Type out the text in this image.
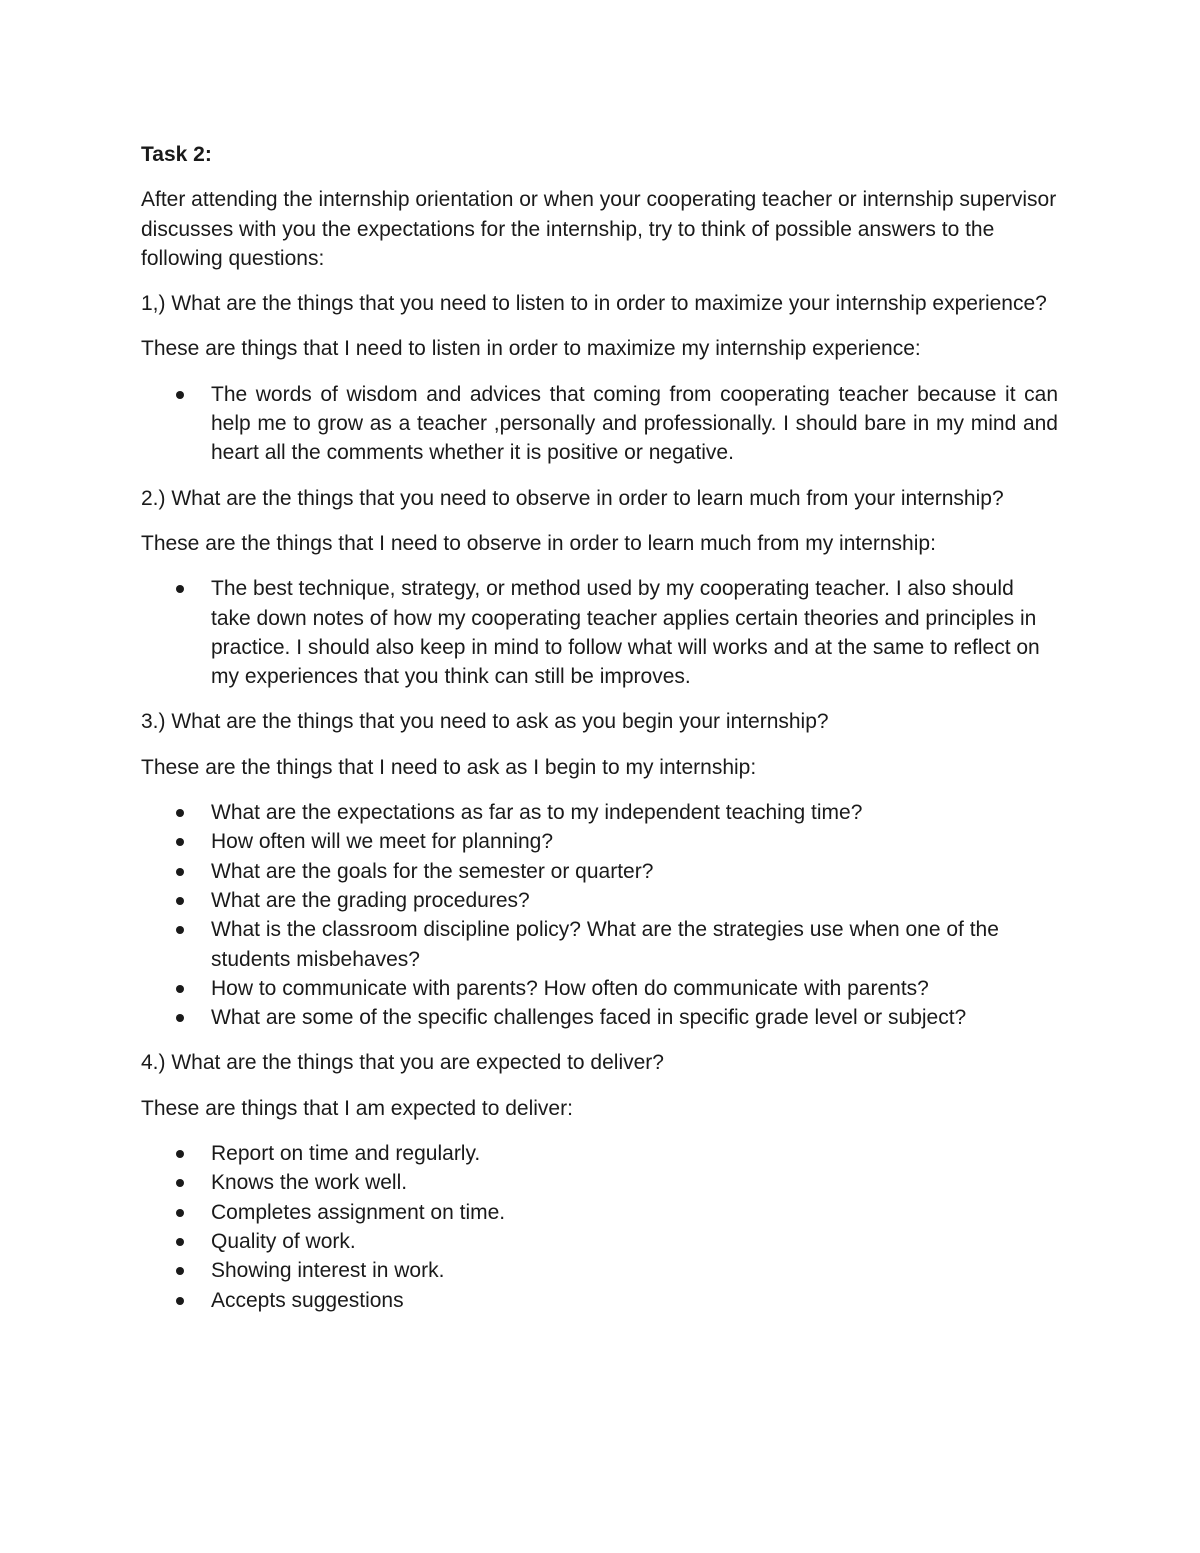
Task 2:

After attending the internship orientation or when your cooperating teacher or internship supervisor discusses with you the expectations for the internship, try to think of possible answers to the following questions:

1,) What are the things that you need to listen to in order to maximize your internship experience?

These are things that I need to listen in order to maximize my internship experience:

The words of wisdom and advices that coming from cooperating teacher because it can help me to grow as a teacher ,personally and professionally. I should bare in my mind and heart all the comments whether it is positive or negative.

2.) What are the things that you need to observe in order to learn much from your internship?

These are the things that I need to observe in order to learn much from my internship:

The best technique, strategy, or method used by my cooperating teacher. I also should take down notes of how my cooperating teacher applies certain theories and principles in practice. I should also keep in mind to follow what will works and at the same to reflect on my experiences that you think can still be improves.

3.) What are the things that you need to ask as you begin your internship?

These are the things that I need to ask as I begin to my internship:

What are the expectations as far as to my independent teaching time?
How often will we meet for planning?
What are the goals for the semester or quarter?
What are the grading procedures?
What is the classroom discipline policy? What are the strategies use when one of the students misbehaves?
How to communicate with parents? How often do communicate with parents?
What are some of the specific challenges faced in specific grade level or subject?

4.) What are the things that you are expected to deliver?

These are things that I am expected to deliver:

Report on time and regularly.
Knows the work well.
Completes assignment on time.
Quality of work.
Showing interest in work.
Accepts suggestions
